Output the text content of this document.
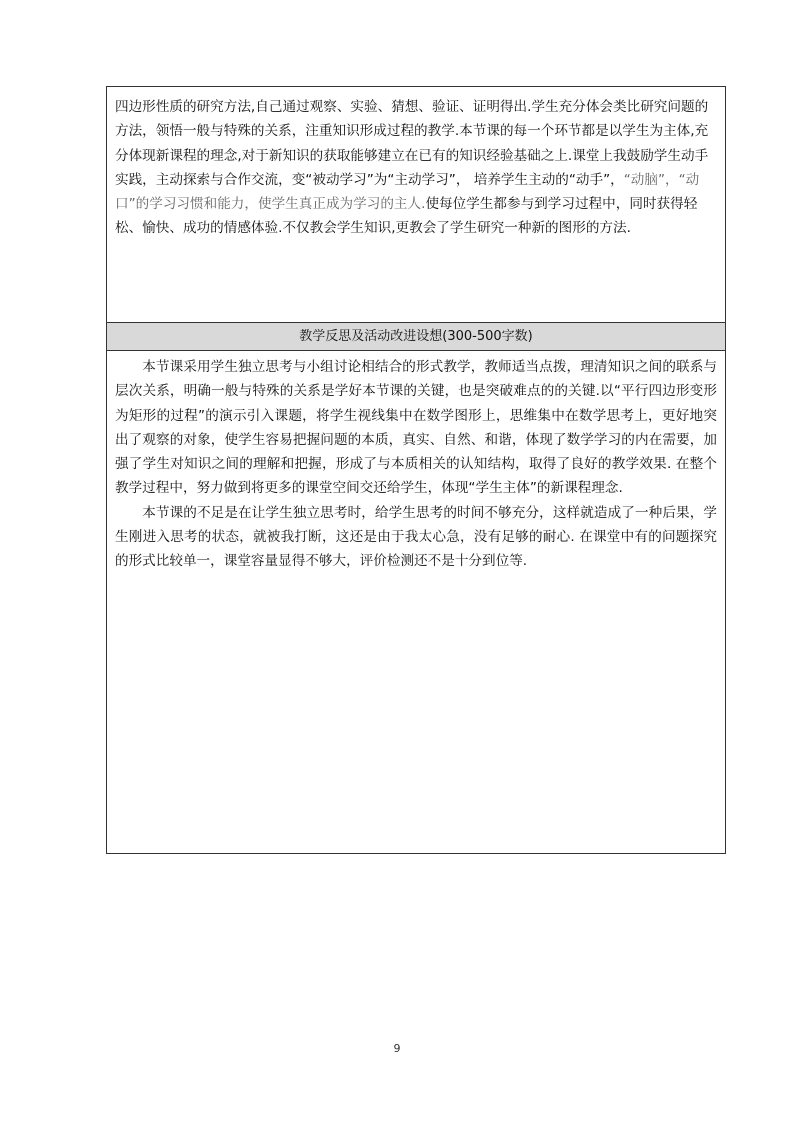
四边形性质的研究方法,自己通过观察、实验、猜想、验证、证明得出.学生充分体会类比研究问题的方法，领悟一般与特殊的关系，注重知识形成过程的教学.本节课的每一个环节都是以学生为主体,充分体现新课程的理念,对于新知识的获取能够建立在已有的知识经验基础之上.课堂上我鼓励学生动手实践，主动探索与合作交流，变“被动学习”为“主动学习”， 培养学生主动的“动手”，“动脑”，“动口”的学习习惯和能力，使学生真正成为学习的主人.使每位学生都参与到学习过程中，同时获得轻松、愉快、成功的情感体验.不仅教会学生知识,更教会了学生研究一种新的图形的方法.
教学反思及活动改进设想(300-500字数)

本节课采用学生独立思考与小组讨论相结合的形式教学，教师适当点拨，理清知识之间的联系与层次关系，明确一般与特殊的关系是学好本节课的关键，也是突破难点的的关键.以“平行四边形变形为矩形的过程”的演示引入课题，将学生视线集中在数学图形上，思维集中在数学思考上，更好地突出了观察的对象，使学生容易把握问题的本质，真实、自然、和谐，体现了数学学习的内在需要，加强了学生对知识之间的理解和把握，形成了与本质相关的认知结构，取得了良好的教学效果. 在整个教学过程中，努力做到将更多的课堂空间交还给学生，体现“学生主体”的新课程理念.

本节课的不足是在让学生独立思考时，给学生思考的时间不够充分，这样就造成了一种后果，学生刚进入思考的状态，就被我打断，这还是由于我太心急，没有足够的耐心. 在课堂中有的问题探究的形式比较单一，课堂容量显得不够大，评价检测还不是十分到位等.

9
